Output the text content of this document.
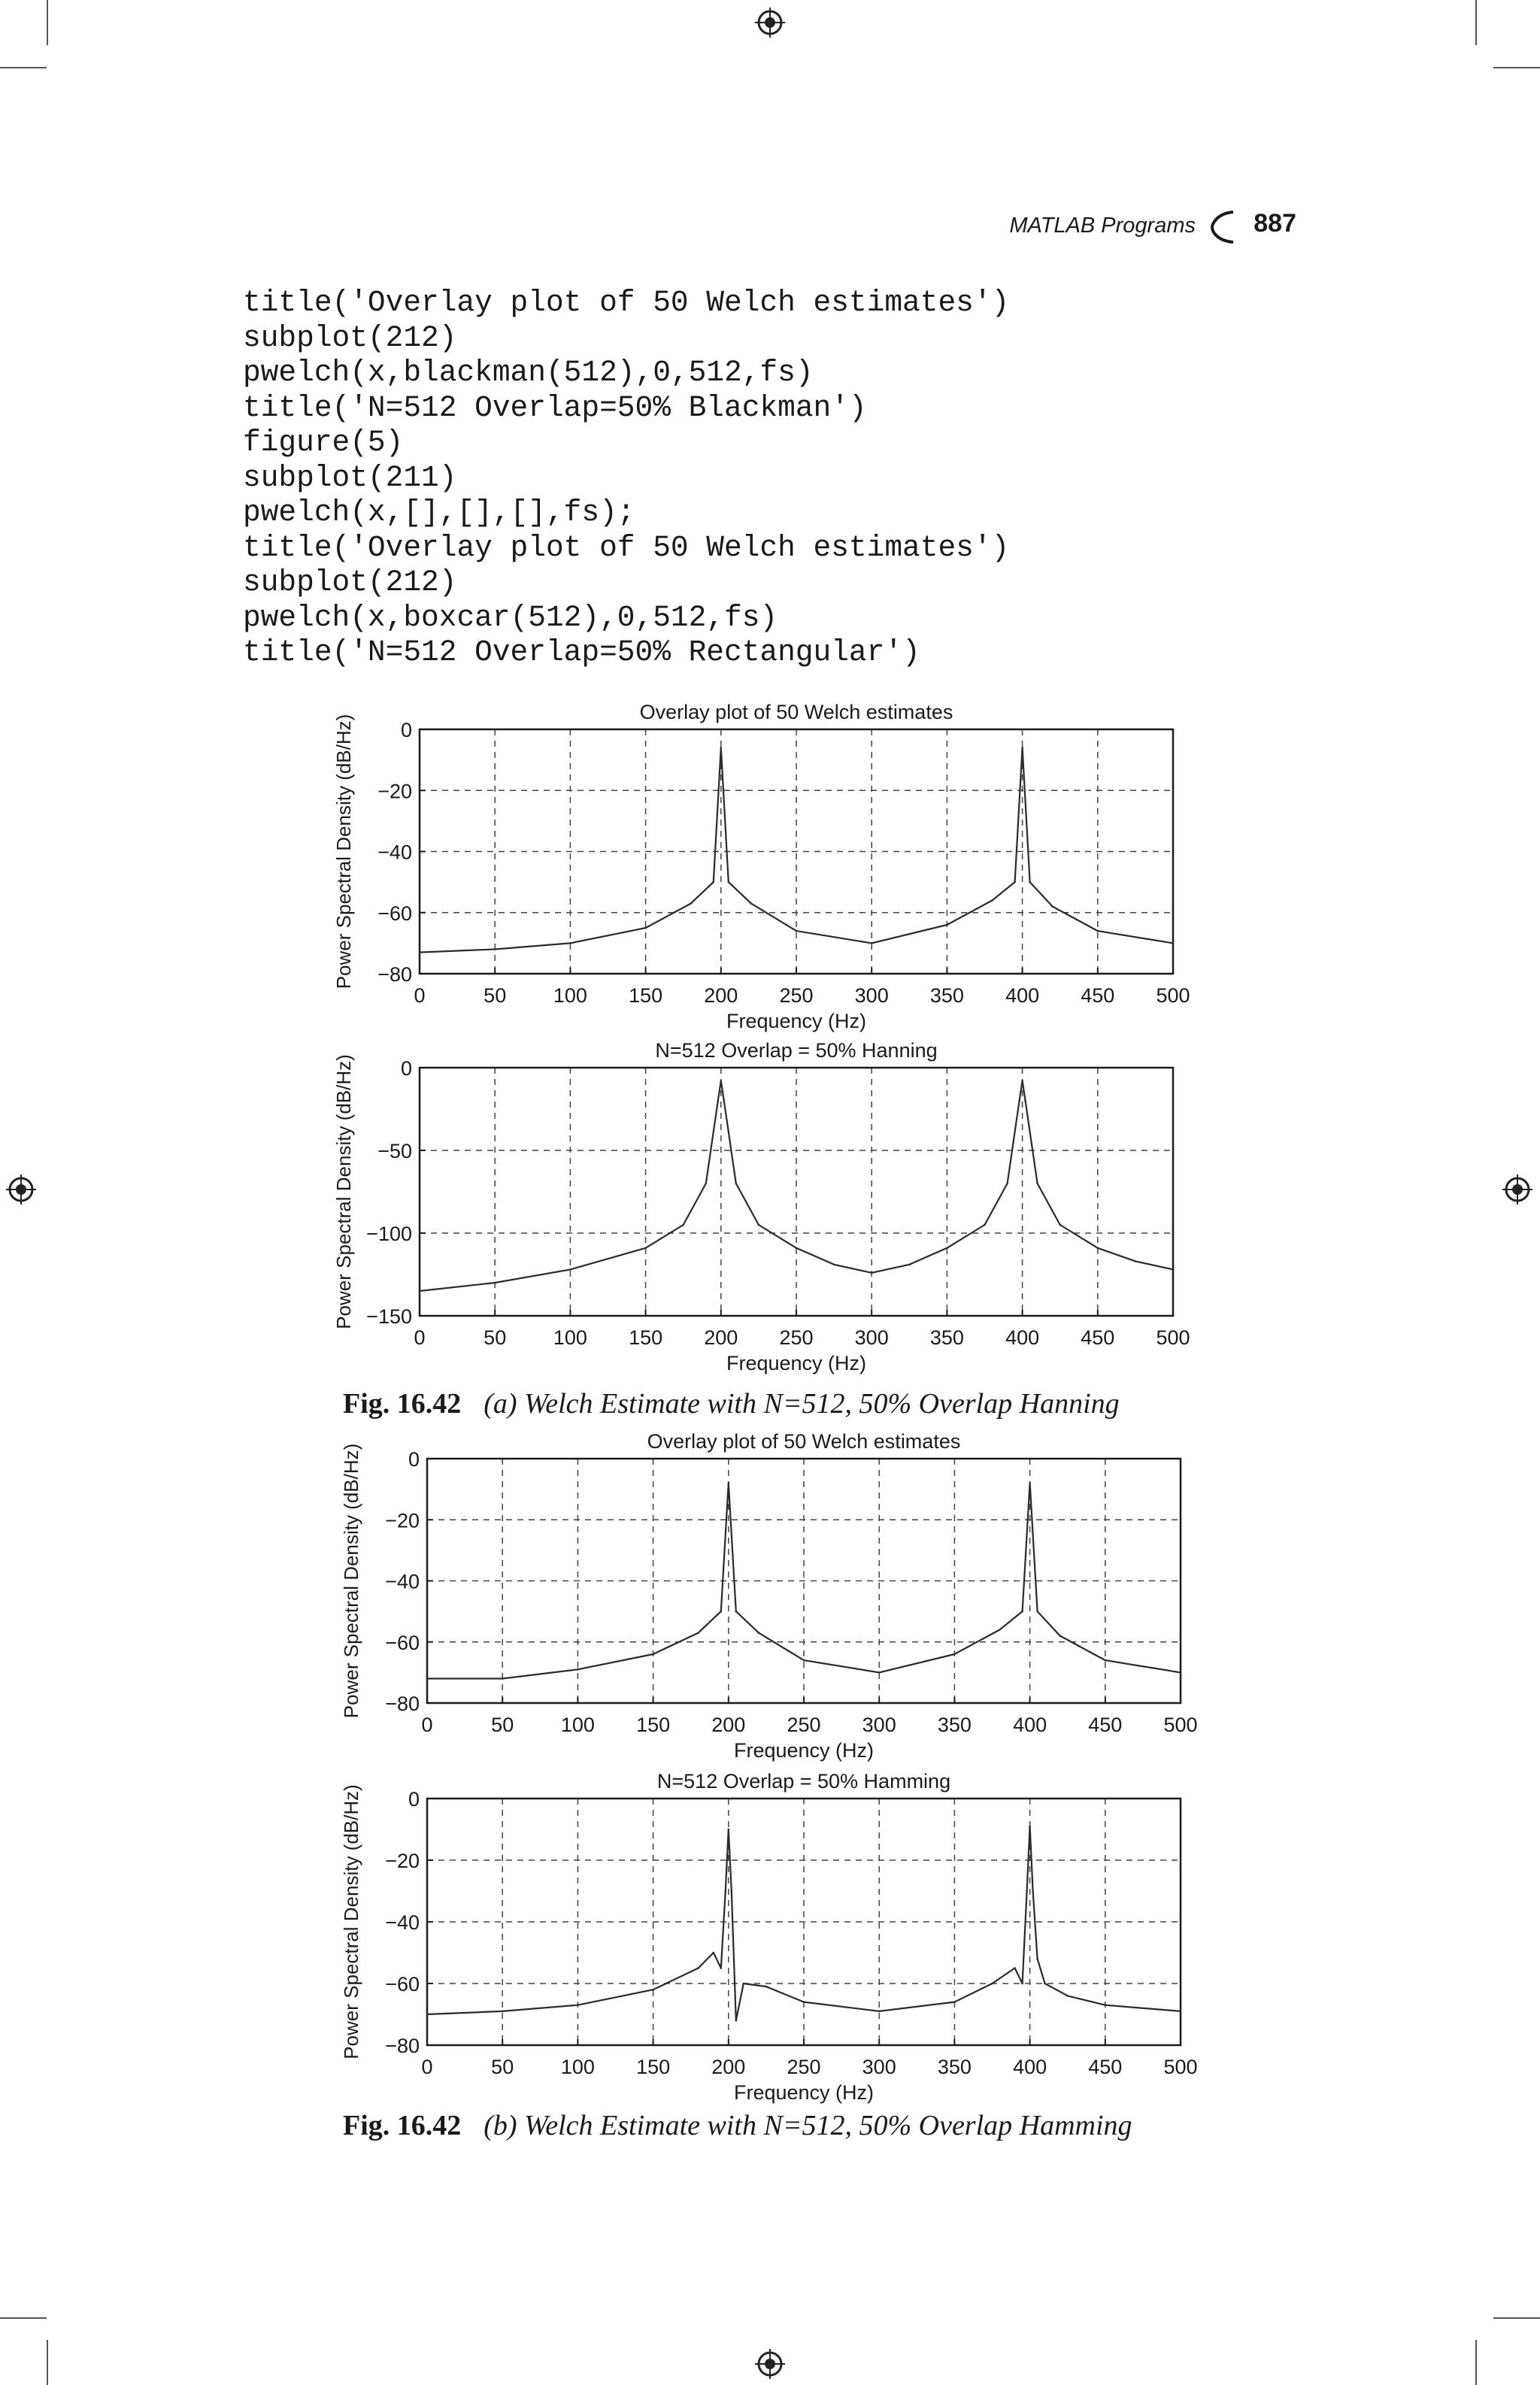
MATLAB Programs 887
title('Overlay plot of 50 Welch estimates')
subplot(212)
pwelch(x,blackman(512),0,512,fs)
title('N=512 Overlap=50% Blackman')
figure(5)
subplot(211)
pwelch(x,[],[],[],fs);
title('Overlay plot of 50 Welch estimates')
subplot(212)
pwelch(x,boxcar(512),0,512,fs)
title('N=512 Overlap=50% Rectangular')
0	50 100 150 200 250 300 350 400 450 500
0
−20
−40
−60
−80
Overlay plot of 50 Welch estimates
Frequency (Hz)
Power Spectral Density (dB/Hz)
0	50 100 150 200 250 300 350 400 450 500
0
−50
−100
−150
N=512 Overlap = 50% Hanning
Frequency (Hz)
Power Spectral Density (dB/Hz)
0	50 100 150 200 250 300 350 400 450 500
0
−20
−40
−60
−80
Overlay plot of 50 Welch estimates
Frequency (Hz)
Power Spectral Density (dB/Hz)
0	50 100 150 200 250 300 350 400 450 500
0
−20
−40
−60
−80
N=512 Overlap = 50% Hamming
Frequency (Hz)
Power Spectral Density (dB/Hz)
Fig. 16.42 (a) Welch Estimate with N=512, 50% Overlap Hanning
Fig. 16.42 (b) Welch Estimate with N=512, 50% Overlap Hamming
